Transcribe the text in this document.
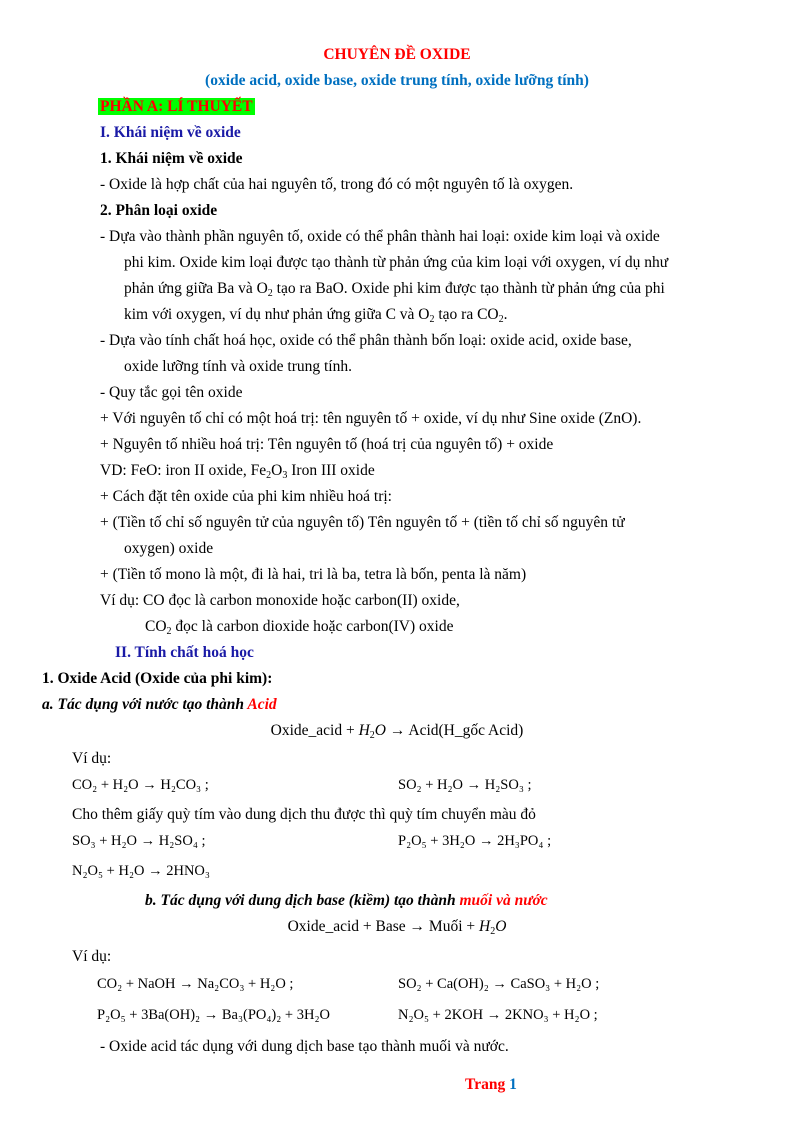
CHUYÊN ĐỀ OXIDE
(oxide acid, oxide base, oxide trung tính, oxide lưỡng tính)
PHẦN A: LÍ THUYẾT
I. Khái niệm về oxide
1. Khái niệm về oxide
- Oxide là hợp chất của hai nguyên tố, trong đó có một nguyên tố là oxygen.
2. Phân loại oxide
- Dựa vào thành phần nguyên tố, oxide có thể phân thành hai loại: oxide kim loại và oxide
phi kim. Oxide kim loại được tạo thành từ phản ứng của kim loại với oxygen, ví dụ như
phản ứng giữa Ba và $O_2$ tạo ra BaO. Oxide phi kim được tạo thành từ phản ứng của phi
kim với oxygen, ví dụ như phản ứng giữa C và $O_2$ tạo ra $CO_2$.
- Dựa vào tính chất hoá học, oxide có thể phân thành bốn loại: oxide acid, oxide base,
oxide lưỡng tính và oxide trung tính.
- Quy tắc gọi tên oxide
+ Với nguyên tố chỉ có một hoá trị: tên nguyên tố + oxide, ví dụ như Sine oxide (ZnO).
+ Nguyên tố nhiều hoá trị: Tên nguyên tố (hoá trị của nguyên tố) + oxide
VD: FeO: iron II oxide, $Fe_2O_3$ Iron III oxide
+ Cách đặt tên oxide của phi kim nhiều hoá trị:
+ (Tiền tố chỉ số nguyên tử của nguyên tố) Tên nguyên tố + (tiền tố chỉ số nguyên tử
oxygen) oxide
+ (Tiền tố mono là một, đi là hai, tri là ba, tetra là bốn, penta là năm)
Ví dụ: CO đọc là carbon monoxide hoặc carbon(II) oxide,
$CO_2$ đọc là carbon dioxide hoặc carbon(IV) oxide
II. Tính chất hoá học
1. Oxide Acid (Oxide của phi kim):
a. Tác dụng với nước tạo thành Acid
Oxide_acid + $H_2O$ → Acid(H_gốc Acid)
Ví dụ:
CO₂ + H₂O → H₂CO₃ ;	SO₂ + H₂O → H₂SO₃ ;
Cho thêm giấy quỳ tím vào dung dịch thu được thì quỳ tím chuyển màu đỏ
SO₃ + H₂O → H₂SO₄ ;	P₂O₅ + 3H₂O → 2H₃PO₄ ;
N₂O₅ + H₂O → 2HNO₃
b. Tác dụng với dung dịch base (kiềm) tạo thành muối và nước
Oxide_acid + Base → Muối + $H_2O$
Ví dụ:
CO₂ + NaOH → Na₂CO₃ + H₂O ;	SO₂ + Ca(OH)₂ → CaSO₃ + H₂O ;
P₂O₅ + 3Ba(OH)₂ → Ba₃(PO₄)₂ + 3H₂O	N₂O₅ + 2KOH → 2KNO₃ + H₂O ;
- Oxide acid tác dụng với dung dịch base tạo thành muối và nước.
Trang 1
